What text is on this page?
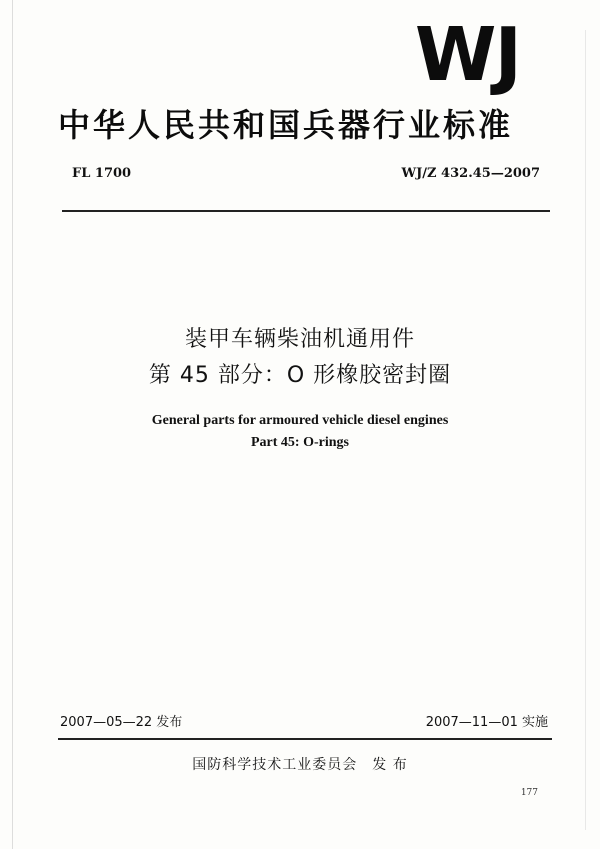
WJ
中华人民共和国兵器行业标准
FL 1700	WJ/Z 432.45—2007
装甲车辆柴油机通用件
第 45 部分：O 形橡胶密封圈
General parts for armoured vehicle diesel engines
Part 45: O-rings
2007—05—22 发布	2007—11—01 实施
国防科学技术工业委员会　发 布
177
